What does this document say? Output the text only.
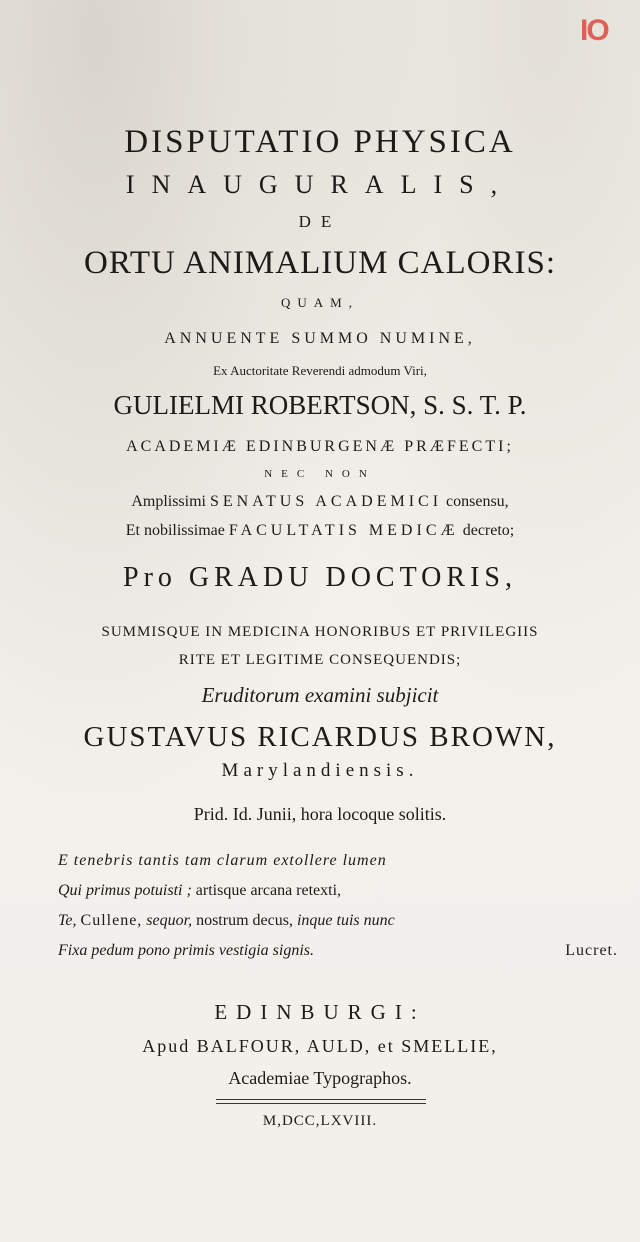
IO
DISPUTATIO PHYSICA
INAUGURALIS,
DE
ORTU ANIMALIUM CALORIS:
QUAM,
ANNUENTE SUMMO NUMINE,
Ex Auctoritate Reverendi admodum Viri,
GULIELMI ROBERTSON, S. S. T. P.
ACADEMIÆ EDINBURGENÆ PRÆFECTI;
NEC NON
Amplissimi SENATUS ACADEMICI consensu,
Et nobilissimae FACULTATIS MEDICÆ decreto;
Pro GRADU DOCTORIS,
SUMMISQUE IN MEDICINA HONORIBUS ET PRIVILEGIIS
RITE ET LEGITIME CONSEQUENDIS;
Eruditorum examini subjicit
GUSTAVUS RICARDUS BROWN,
Marylandiensis.
Prid. Id. Junii, hora locoque solitis.
E tenebris tantis tam clarum extollere lumen
Qui primus potuisti ; artisque arcana retexti,
Te, Cullene, sequor, nostrum decus, inque tuis nunc
Fixa pedum pono primis vestigia signis.	Lucret.
EDINBURGI:
Apud BALFOUR, AULD, et SMELLIE,
Academiae Typographos.
M,DCC,LXVIII.
